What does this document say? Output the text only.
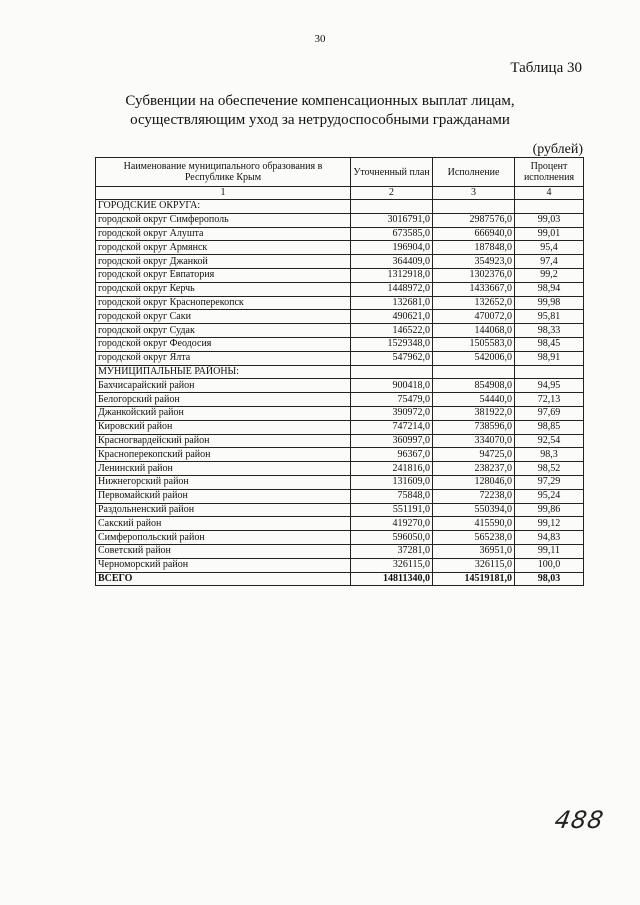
30
Таблица 30
Субвенции на обеспечение компенсационных выплат лицам,
осуществляющим уход за нетрудоспособными гражданами
(рублей)
Наименование муниципального образования в Республике Крым	Уточненный план	Исполнение	Процент исполнения
1	2	3	4
ГОРОДСКИЕ ОКРУГА:			
городской округ Симферополь	3016791,0	2987576,0	99,03
городской округ Алушта	673585,0	666940,0	99,01
городской округ Армянск	196904,0	187848,0	95,4
городской округ Джанкой	364409,0	354923,0	97,4
городской округ Евпатория	1312918,0	1302376,0	99,2
городской округ Керчь	1448972,0	1433667,0	98,94
городской округ Красноперекопск	132681,0	132652,0	99,98
городской округ Саки	490621,0	470072,0	95,81
городской округ Судак	146522,0	144068,0	98,33
городской округ Феодосия	1529348,0	1505583,0	98,45
городской округ Ялта	547962,0	542006,0	98,91
МУНИЦИПАЛЬНЫЕ РАЙОНЫ:			
Бахчисарайский район	900418,0	854908,0	94,95
Белогорский район	75479,0	54440,0	72,13
Джанкойский район	390972,0	381922,0	97,69
Кировский район	747214,0	738596,0	98,85
Красногвардейский район	360997,0	334070,0	92,54
Красноперекопский район	96367,0	94725,0	98,3
Ленинский район	241816,0	238237,0	98,52
Нижнегорский район	131609,0	128046,0	97,29
Первомайский район	75848,0	72238,0	95,24
Раздольненский район	551191,0	550394,0	99,86
Сакский район	419270,0	415590,0	99,12
Симферопольский район	596050,0	565238,0	94,83
Советский район	37281,0	36951,0	99,11
Черноморский район	326115,0	326115,0	100,0
ВСЕГО	14811340,0	14519181,0	98,03
488
